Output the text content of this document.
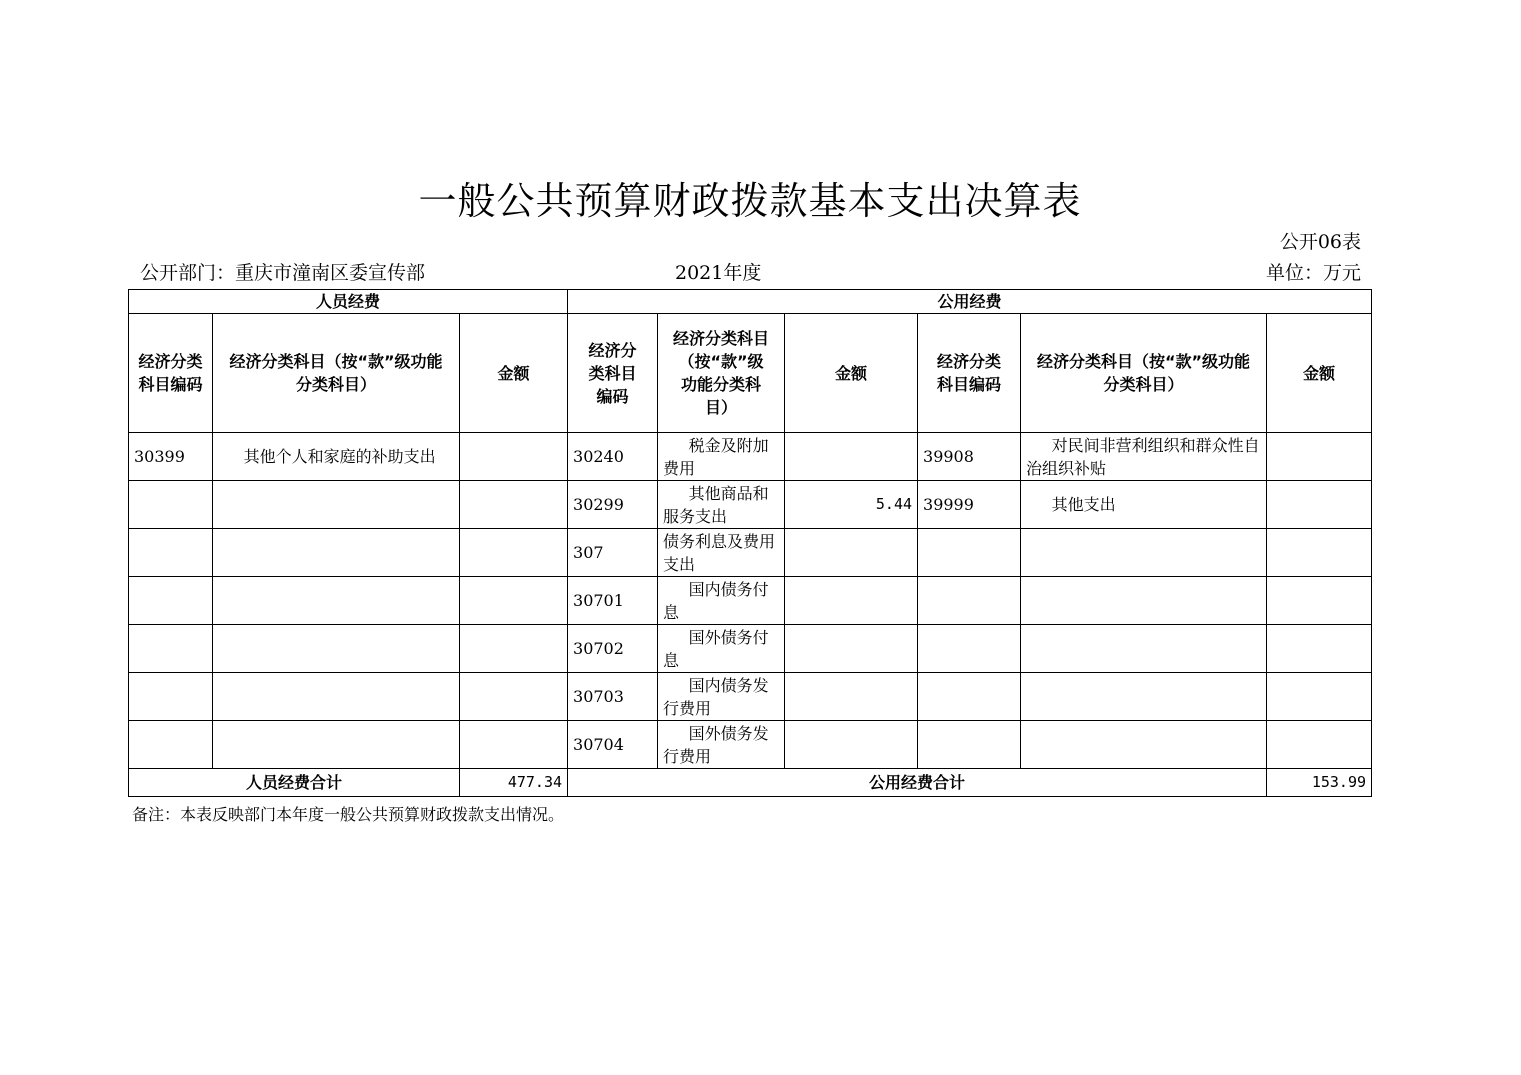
一般公共预算财政拨款基本支出决算表
公开06表
公开部门：重庆市潼南区委宣传部	2021年度	单位：万元
人员经费			公用经费					
经济分类科目编码	经济分类科目（按“款”级功能分类科目）	金额	经济分类科目编码	经济分类科目（按“款”级功能分类科目）	金额	经济分类科目编码	经济分类科目（按“款”级功能分类科目）	金额
30399	其他个人和家庭的补助支出		30240	税金及附加费用		39908	对民间非营利组织和群众性自治组织补贴	
			30299	其他商品和服务支出	5.44	39999	其他支出	
			307	债务利息及费用支出				
			30701	国内债务付息				
			30702	国外债务付息				
			30703	国内债务发行费用				
			30704	国外债务发行费用				
人员经费合计		477.34	公用经费合计					153.99
备注：本表反映部门本年度一般公共预算财政拨款支出情况。
